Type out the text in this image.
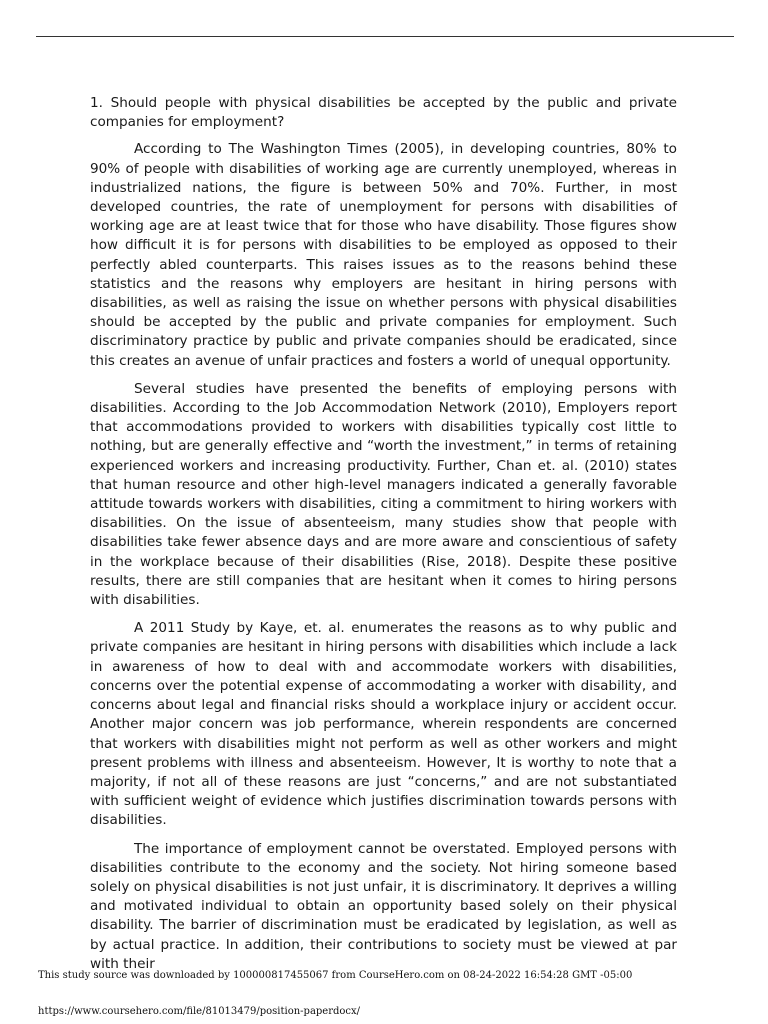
1. Should people with physical disabilities be accepted by the public and private companies for employment?

According to The Washington Times (2005), in developing countries, 80% to 90% of people with disabilities of working age are currently unemployed, whereas in industrialized nations, the figure is between 50% and 70%. Further, in most developed countries, the rate of unemployment for persons with disabilities of working age are at least twice that for those who have disability. Those figures show how difficult it is for persons with disabilities to be employed as opposed to their perfectly abled counterparts. This raises issues as to the reasons behind these statistics and the reasons why employers are hesitant in hiring persons with disabilities, as well as raising the issue on whether persons with physical disabilities should be accepted by the public and private companies for employment. Such discriminatory practice by public and private companies should be eradicated, since this creates an avenue of unfair practices and fosters a world of unequal opportunity.

Several studies have presented the benefits of employing persons with disabilities. According to the Job Accommodation Network (2010), Employers report that accommodations provided to workers with disabilities typically cost little to nothing, but are generally effective and “worth the investment,” in terms of retaining experienced workers and increasing productivity. Further, Chan et. al. (2010) states that human resource and other high-level managers indicated a generally favorable attitude towards workers with disabilities, citing a commitment to hiring workers with disabilities. On the issue of absenteeism, many studies show that people with disabilities take fewer absence days and are more aware and conscientious of safety in the workplace because of their disabilities (Rise, 2018). Despite these positive results, there are still companies that are hesitant when it comes to hiring persons with disabilities.

A 2011 Study by Kaye, et. al. enumerates the reasons as to why public and private companies are hesitant in hiring persons with disabilities which include a lack in awareness of how to deal with and accommodate workers with disabilities, concerns over the potential expense of accommodating a worker with disability, and concerns about legal and financial risks should a workplace injury or accident occur. Another major concern was job performance, wherein respondents are concerned that workers with disabilities might not perform as well as other workers and might present problems with illness and absenteeism. However, It is worthy to note that a majority, if not all of these reasons are just “concerns,” and are not substantiated with sufficient weight of evidence which justifies discrimination towards persons with disabilities.

The importance of employment cannot be overstated. Employed persons with disabilities contribute to the economy and the society. Not hiring someone based solely on physical disabilities is not just unfair, it is discriminatory. It deprives a willing and motivated individual to obtain an opportunity based solely on their physical disability. The barrier of discrimination must be eradicated by legislation, as well as by actual practice. In addition, their contributions to society must be viewed at par with their

This study source was downloaded by 100000817455067 from CourseHero.com on 08-24-2022 16:54:28 GMT -05:00
https://www.coursehero.com/file/81013479/position-paperdocx/
